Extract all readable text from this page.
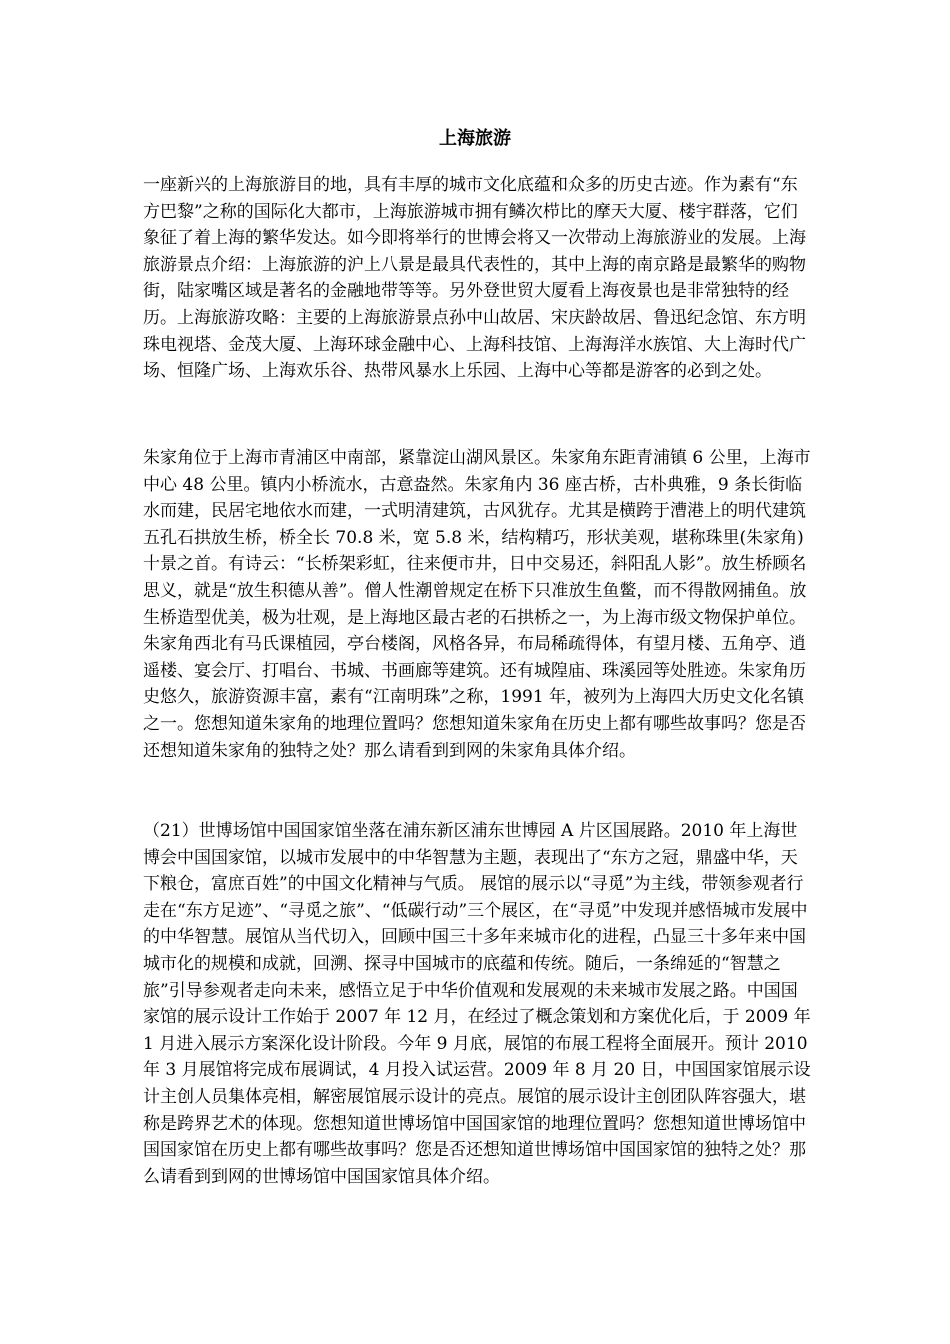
上海旅游

一座新兴的上海旅游目的地，具有丰厚的城市文化底蕴和众多的历史古迹。作为素有“东方巴黎”之称的国际化大都市，上海旅游城市拥有鳞次栉比的摩天大厦、楼宇群落，它们象征了着上海的繁华发达。如今即将举行的世博会将又一次带动上海旅游业的发展。上海旅游景点介绍：上海旅游的沪上八景是最具代表性的，其中上海的南京路是最繁华的购物街，陆家嘴区域是著名的金融地带等等。另外登世贸大厦看上海夜景也是非常独特的经历。上海旅游攻略：主要的上海旅游景点孙中山故居、宋庆龄故居、鲁迅纪念馆、东方明珠电视塔、金茂大厦、上海环球金融中心、上海科技馆、上海海洋水族馆、大上海时代广场、恒隆广场、上海欢乐谷、热带风暴水上乐园、上海中心等都是游客的必到之处。

朱家角位于上海市青浦区中南部，紧靠淀山湖风景区。朱家角东距青浦镇 6 公里，上海市中心 48 公里。镇内小桥流水，古意盎然。朱家角内 36 座古桥，古朴典雅，9 条长街临水而建，民居宅地依水而建，一式明清建筑，古风犹存。尤其是横跨于漕港上的明代建筑五孔石拱放生桥，桥全长 70.8 米，宽 5.8 米，结构精巧，形状美观，堪称珠里(朱家角)十景之首。有诗云：“长桥架彩虹，往来便市井，日中交易还，斜阳乱人影”。放生桥顾名思义，就是“放生积德从善”。僧人性潮曾规定在桥下只准放生鱼鳖，而不得散网捕鱼。放生桥造型优美，极为壮观，是上海地区最古老的石拱桥之一，为上海市级文物保护单位。朱家角西北有马氏课植园，亭台楼阁，风格各异，布局稀疏得体，有望月楼、五角亭、逍遥楼、宴会厅、打唱台、书城、书画廊等建筑。还有城隍庙、珠溪园等处胜迹。朱家角历史悠久，旅游资源丰富，素有“江南明珠”之称，1991 年，被列为上海四大历史文化名镇之一。您想知道朱家角的地理位置吗？您想知道朱家角在历史上都有哪些故事吗？您是否还想知道朱家角的独特之处？那么请看到到网的朱家角具体介绍。

（21）世博场馆中国国家馆坐落在浦东新区浦东世博园 A 片区国展路。2010 年上海世博会中国国家馆，以城市发展中的中华智慧为主题，表现出了“东方之冠，鼎盛中华，天下粮仓，富庶百姓”的中国文化精神与气质。 展馆的展示以“寻觅”为主线，带领参观者行走在“东方足迹”、“寻觅之旅”、“低碳行动”三个展区，在“寻觅”中发现并感悟城市发展中的中华智慧。展馆从当代切入，回顾中国三十多年来城市化的进程，凸显三十多年来中国城市化的规模和成就，回溯、探寻中国城市的底蕴和传统。随后，一条绵延的“智慧之旅”引导参观者走向未来，感悟立足于中华价值观和发展观的未来城市发展之路。中国国家馆的展示设计工作始于 2007 年 12 月，在经过了概念策划和方案优化后，于 2009 年 1 月进入展示方案深化设计阶段。今年 9 月底，展馆的布展工程将全面展开。预计 2010 年 3 月展馆将完成布展调试，4 月投入试运营。2009 年 8 月 20 日，中国国家馆展示设计主创人员集体亮相，解密展馆展示设计的亮点。展馆的展示设计主创团队阵容强大，堪称是跨界艺术的体现。您想知道世博场馆中国国家馆的地理位置吗？您想知道世博场馆中国国家馆在历史上都有哪些故事吗？您是否还想知道世博场馆中国国家馆的独特之处？那么请看到到网的世博场馆中国国家馆具体介绍。
